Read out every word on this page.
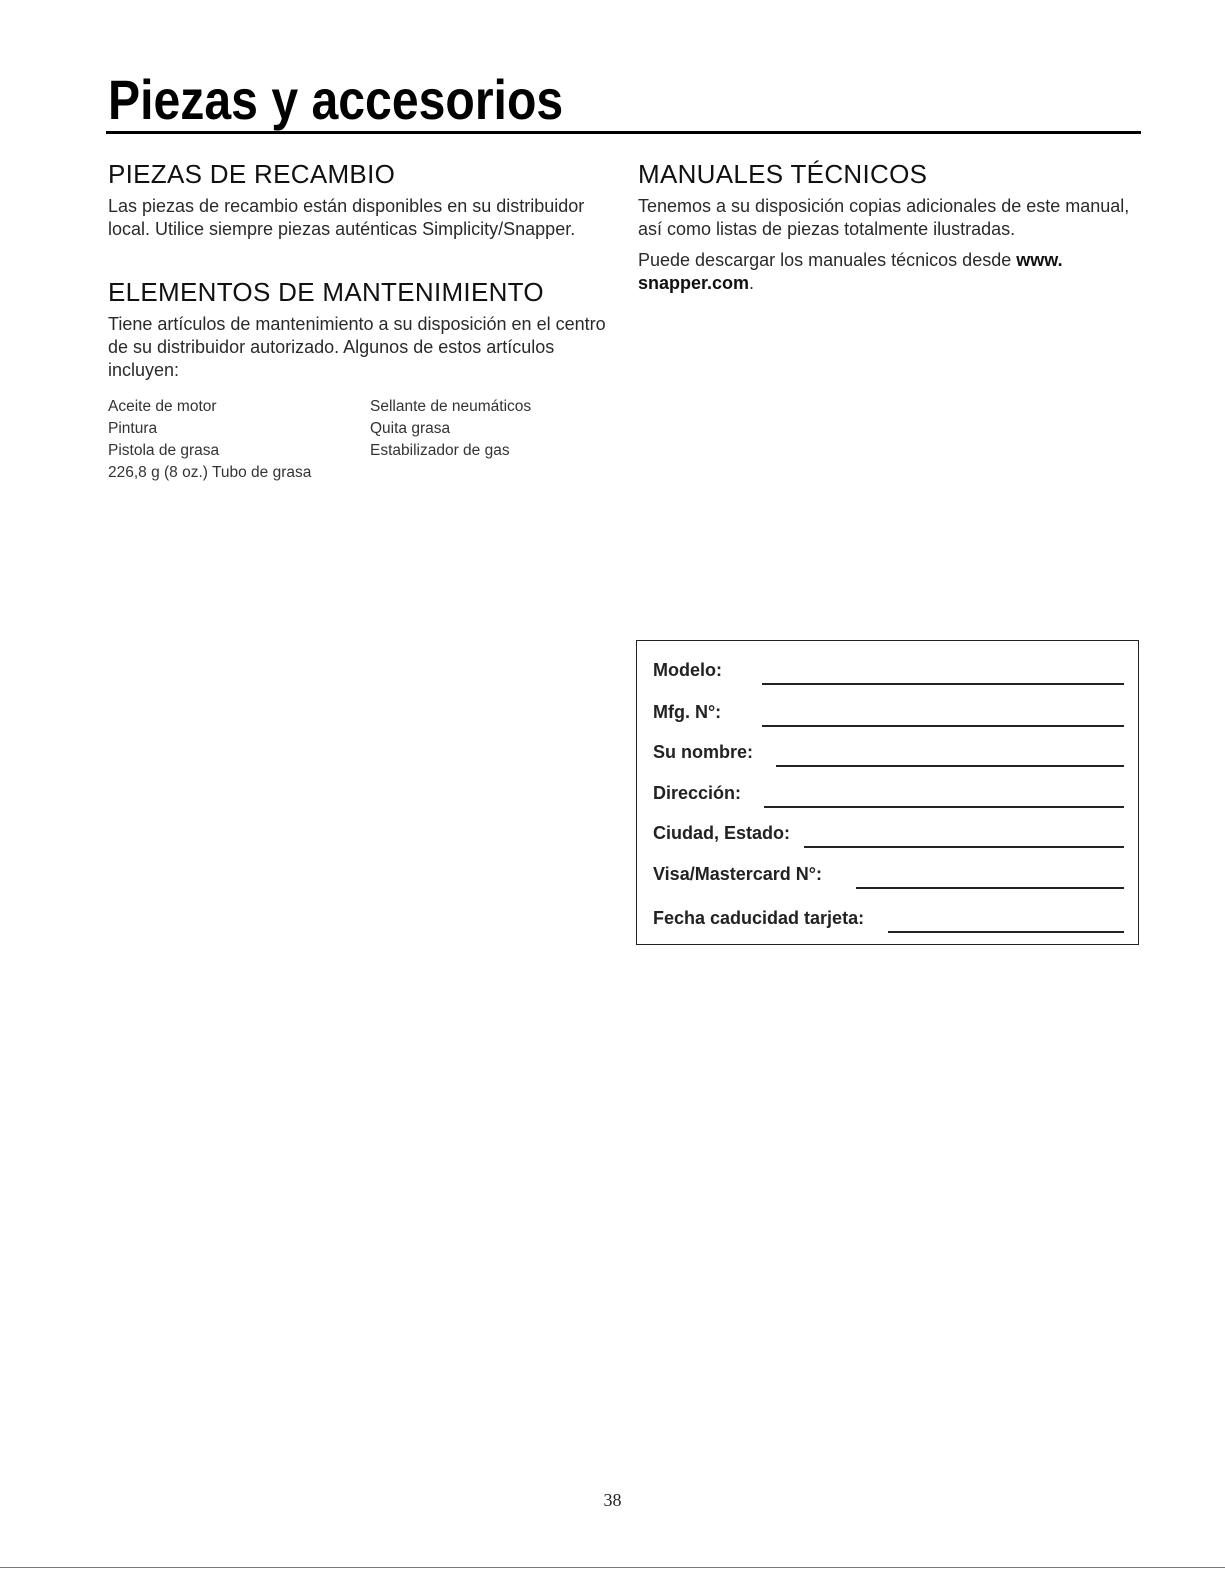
Piezas y accesorios
PIEZAS DE RECAMBIO

Las piezas de recambio están disponibles en su distribuidor local. Utilice siempre piezas auténticas Simplicity/Snapper.

ELEMENTOS DE MANTENIMIENTO

Tiene artículos de mantenimiento a su disposición en el centro de su distribuidor autorizado. Algunos de estos artículos incluyen:

Aceite de motor	Sellante de neumáticos
Pintura	Quita grasa
Pistola de grasa	Estabilizador de gas
226,8 g (8 oz.) Tubo de grasa
MANUALES TÉCNICOS

Tenemos a su disposición copias adicionales de este manual, así como listas de piezas totalmente ilustradas.

Puede descargar los manuales técnicos desde www. snapper.com.

Modelo:
Mfg. N°:
Su nombre:
Dirección:
Ciudad, Estado:
Visa/Mastercard N°:
Fecha caducidad tarjeta:
38
